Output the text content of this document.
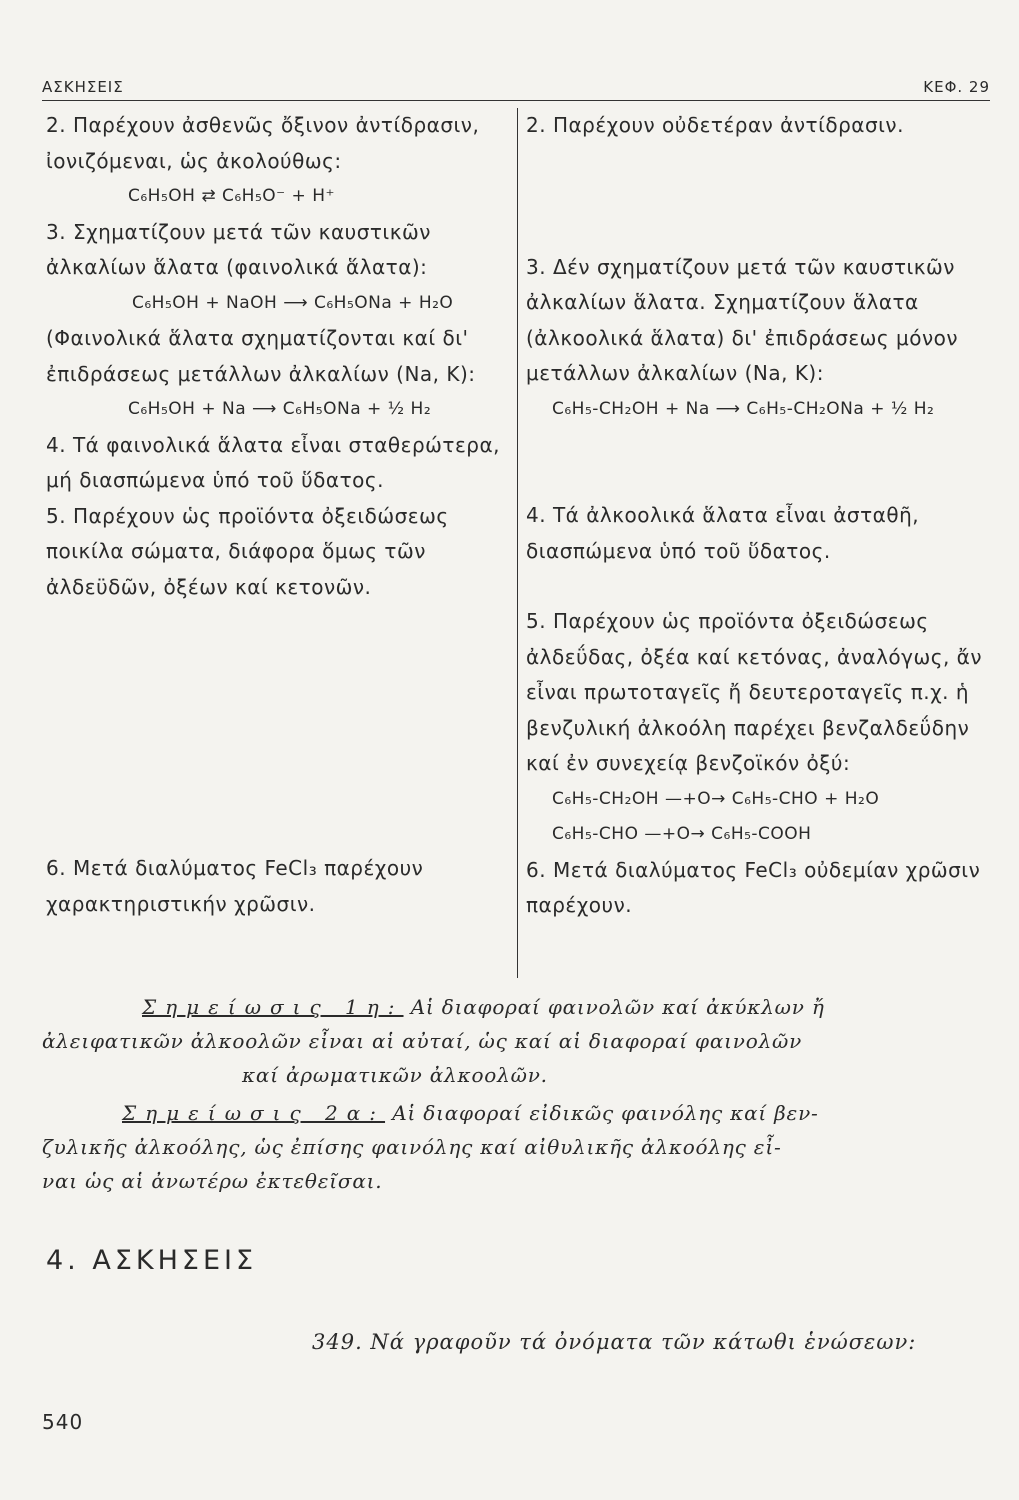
ΑΣΚΗΣΕΙΣ	ΚΕΦ. 29

2. Παρέχουν ἀσθενῶς ὄξινον ἀντίδρασιν, ἰονιζόμεναι, ὡς ἀκολούθως:

C₆H₅OH ⇄ C₆H₅O⁻ + H⁺

3. Σχηματίζουν μετά τῶν καυστικῶν ἀλκαλίων ἅλατα (φαινολικά ἅλατα):

C₆H₅OH + NaOH ⟶ C₆H₅ONa + H₂O

(Φαινολικά ἅλατα σχηματίζονται καί δι' ἐπιδράσεως μετάλλων ἀλκαλίων (Na, K):

C₆H₅OH + Na ⟶ C₆H₅ONa + ½ H₂

4. Τά φαινολικά ἅλατα εἶναι σταθερώτερα, μή διασπώμενα ὑπό τοῦ ὕδατος.

5. Παρέχουν ὡς προϊόντα ὀξειδώσεως ποικίλα σώματα, διάφορα ὅμως τῶν ἀλδεϋδῶν, ὀξέων καί κετονῶν.

6. Μετά διαλύματος FeCl₃ παρέχουν χαρακτηριστικήν χρῶσιν.

2. Παρέχουν οὐδετέραν ἀντίδρασιν.

3. Δέν σχηματίζουν μετά τῶν καυστικῶν ἀλκαλίων ἅλατα. Σχηματίζουν ἅλατα (ἀλκοολικά ἅλατα) δι' ἐπιδράσεως μόνον μετάλλων ἀλκαλίων (Na, K):

C₆H₅-CH₂OH + Na ⟶ C₆H₅-CH₂ONa + ½ H₂

4. Τά ἀλκοολικά ἅλατα εἶναι ἀσταθῆ, διασπώμενα ὑπό τοῦ ὕδατος.

5. Παρέχουν ὡς προϊόντα ὀξειδώσεως ἀλδεΰδας, ὀξέα καί κετόνας, ἀναλόγως, ἄν εἶναι πρωτοταγεῖς ἤ δευτεροταγεῖς π.χ. ἡ βενζυλική ἀλκοόλη παρέχει βενζαλδεΰδην καί ἐν συνεχείᾳ βενζοϊκόν ὀξύ:

C₆H₅-CH₂OH —+O→ C₆H₅-CHO + H₂O

C₆H₅-CHO —+O→ C₆H₅-COOH

6. Μετά διαλύματος FeCl₃ οὐδεμίαν χρῶσιν παρέχουν.

Σημείωσις 1η: Αἱ διαφοραί φαινολῶν καί ἀκύκλων ἤ

ἀλειφατικῶν ἀλκοολῶν εἶναι αἱ αὐταί, ὡς καί αἱ διαφοραί φαινολῶν

καί ἀρωματικῶν ἀλκοολῶν.

Σημείωσις 2α: Αἱ διαφοραί εἰδικῶς φαινόλης καί βεν-

ζυλικῆς ἀλκοόλης, ὡς ἐπίσης φαινόλης καί αἰθυλικῆς ἀλκοόλης εἶ-

ναι ὡς αἱ ἀνωτέρω ἐκτεθεῖσαι.

4. ΑΣΚΗΣΕΙΣ
349. Νά γραφοῦν τά ὀνόματα τῶν κάτωθι ἑνώσεων:
540
